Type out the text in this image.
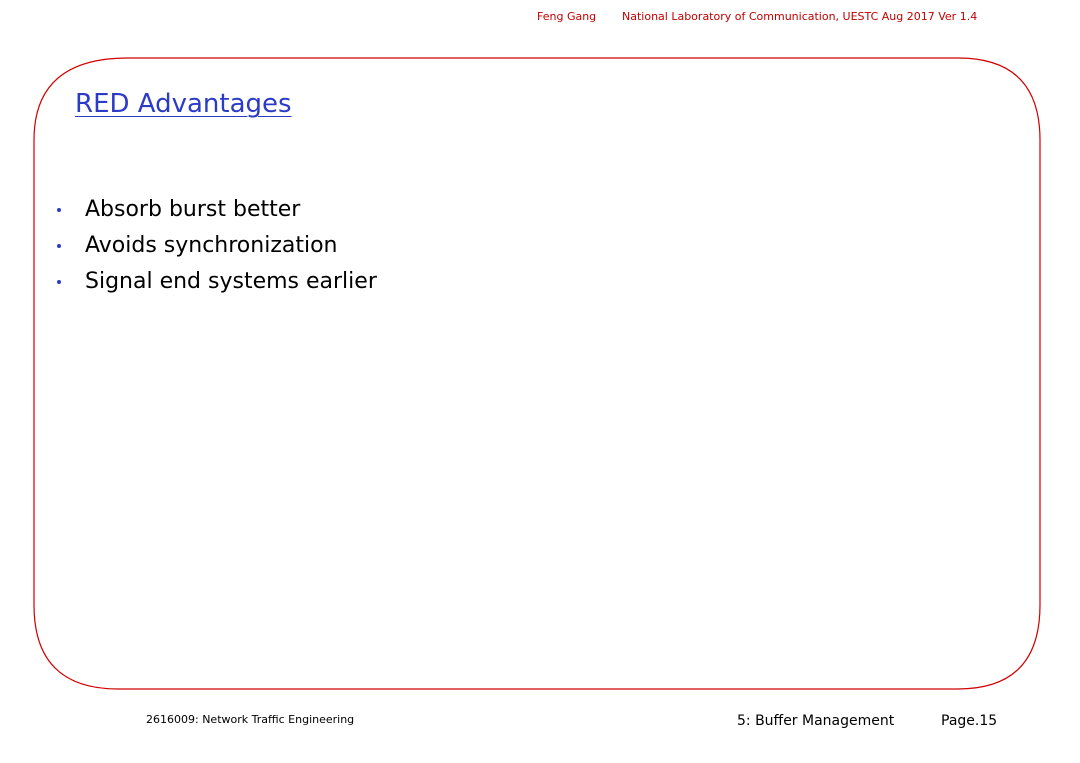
Feng Gang National Laboratory of Communication, UESTC Aug 2017 Ver 1.4
RED Advantages
Absorb burst better
Avoids synchronization
Signal end systems earlier
2616009: Network Traffic Engineering	5: Buffer Management	Page.15
